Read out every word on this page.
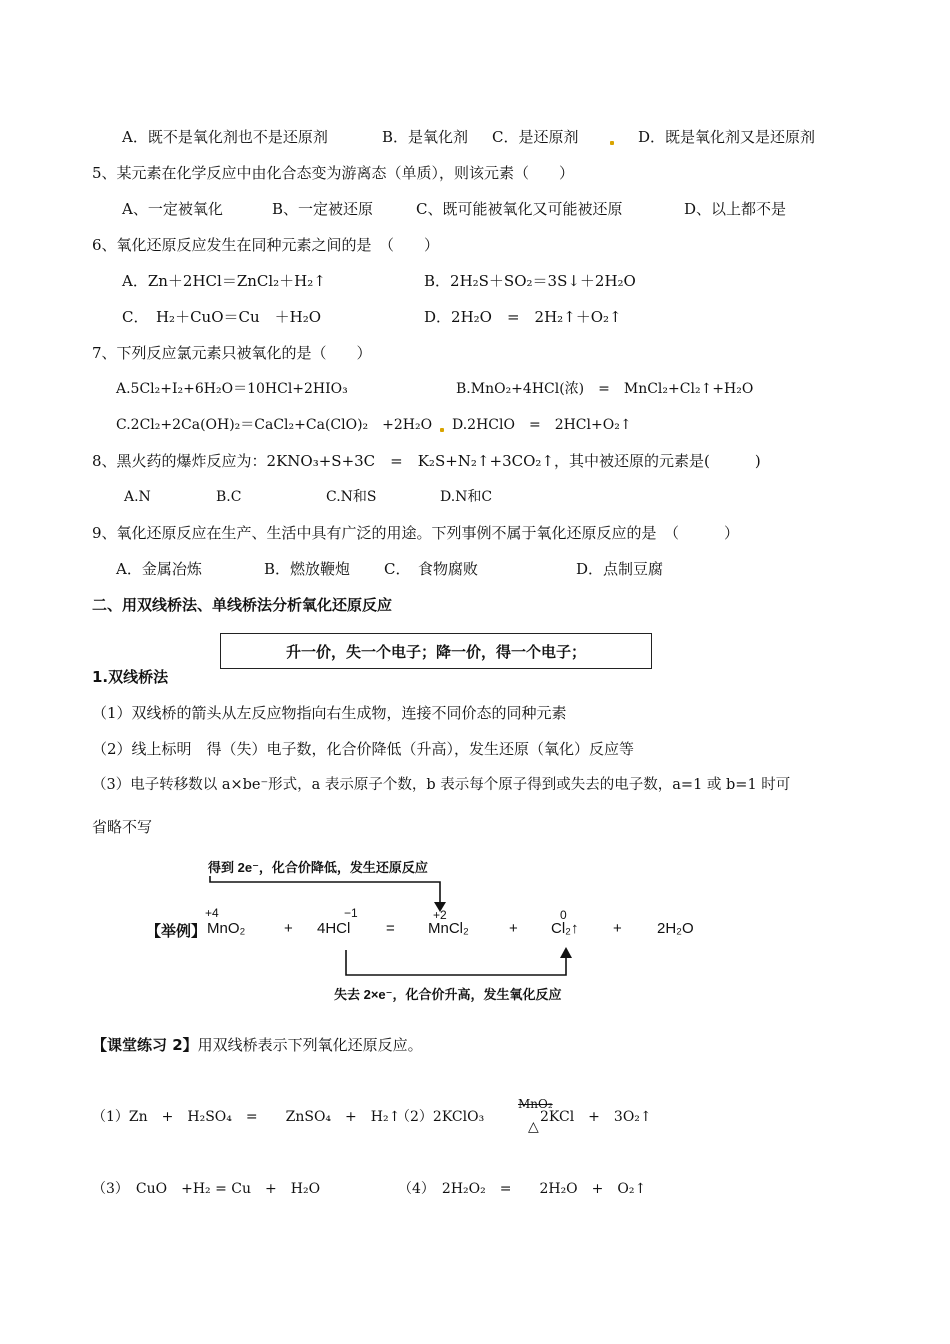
A．既不是氧化剂也不是还原剂	B．是氧化剂 C．是还原剂	D．既是氧化剂又是还原剂
5、某元素在化学反应中由化合态变为游离态（单质），则该元素（　　）
A、一定被氧化	B、一定被还原	C、既可能被氧化又可能被还原	D、以上都不是
6、氧化还原反应发生在同种元素之间的是　（　　）
A．Zn＋2HCl＝ZnCl₂＋H₂↑	B．2H₂S＋SO₂＝3S↓＋2H₂O
C．　H₂＋CuO＝Cu　＋H₂O	D．2H₂O　=　2H₂↑＋O₂↑
7、下列反应氯元素只被氧化的是（　　）
A.5Cl₂+I₂+6H₂O＝10HCl+2HIO₃	B.MnO₂+4HCl(浓)　=　MnCl₂+Cl₂↑+H₂O
C.2Cl₂+2Ca(OH)₂＝CaCl₂+Ca(ClO)₂　+2H₂O D.2HClO　=　2HCl+O₂↑
8、黑火药的爆炸反应为：2KNO₃+S+3C　=　K₂S+N₂↑+3CO₂↑，其中被还原的元素是(　　　)
A.N	B.C	C.N和S	D.N和C
9、氧化还原反应在生产、生活中具有广泛的用途。下列事例不属于氧化还原反应的是　（　　　）
A．金属冶炼	B．燃放鞭炮 C．　食物腐败	D．点制豆腐
二、用双线桥法、单线桥法分析氧化还原反应
升一价，失一个电子；降一价，得一个电子；
1.双线桥法
（1）双线桥的箭头从左反应物指向右生成物，连接不同价态的同种元素
（2）线上标明　得（失）电子数，化合价降低（升高），发生还原（氧化）反应等
（3）电子转移数以 a×be⁻形式，a 表示原子个数，b 表示每个原子得到或失去的电子数，a=1 或 b=1 时可
省略不写
得到 2e⁻，化合价降低，发生还原反应
失去 2×e⁻，化合价升高，发生氧化反应
+4	−1	+2	0
【举例】 MnO₂	+ 4HCl = MnCl₂	+ Cl₂↑ + 2H₂O
【课堂练习 2】用双线桥表示下列氧化还原反应。
（1）Zn　+　H₂SO₄　=　　ZnSO₄　+　H₂↑
（2）2KClO₃
MnO₂
△
2KCl　+　3O₂↑
（3）　CuO　+H₂ = Cu　+　H₂O	（4）　2H₂O₂　=　　2H₂O　+　O₂↑
